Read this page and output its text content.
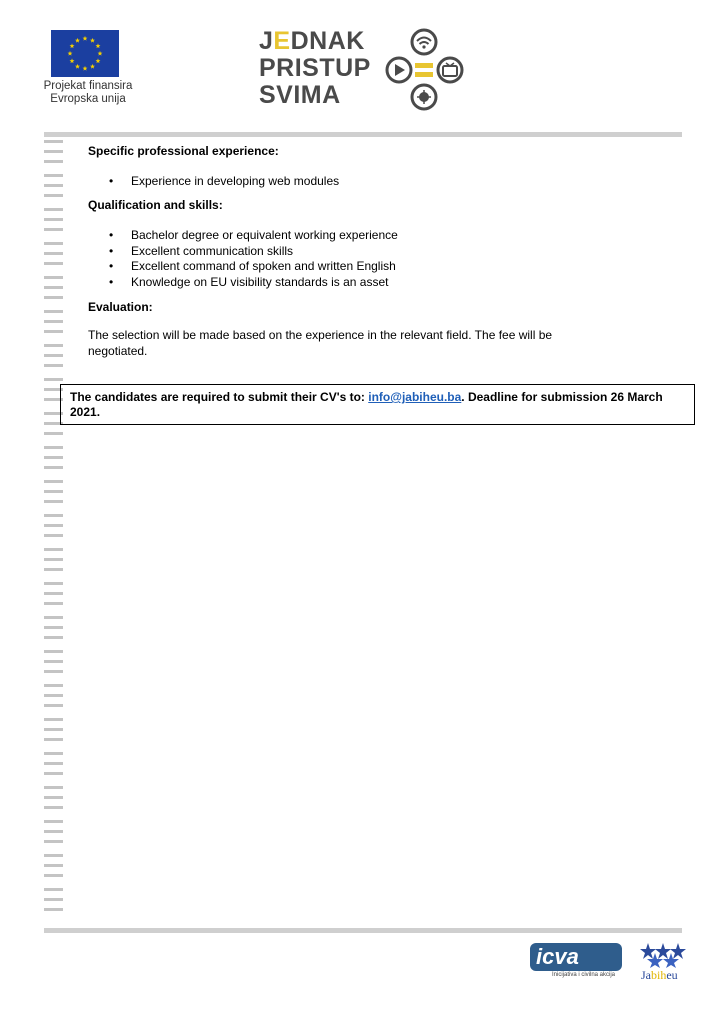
Projekat finansira
Evropska unija
JEDNAK
PRISTUP
SVIMA
Specific professional experience:
• Experience in developing web modules
Qualification and skills:
• Bachelor degree or equivalent working experience
• Excellent communication skills
• Excellent command of spoken and written English
• Knowledge on EU visibility standards is an asset
Evaluation:
The selection will be made based on the experience in the relevant field. The fee will be negotiated.
The candidates are required to submit their CV's to: info@jabiheu.ba. Deadline for submission 26 March 2021.
icva
Inicijativa i civilna akcija Jabiheu
